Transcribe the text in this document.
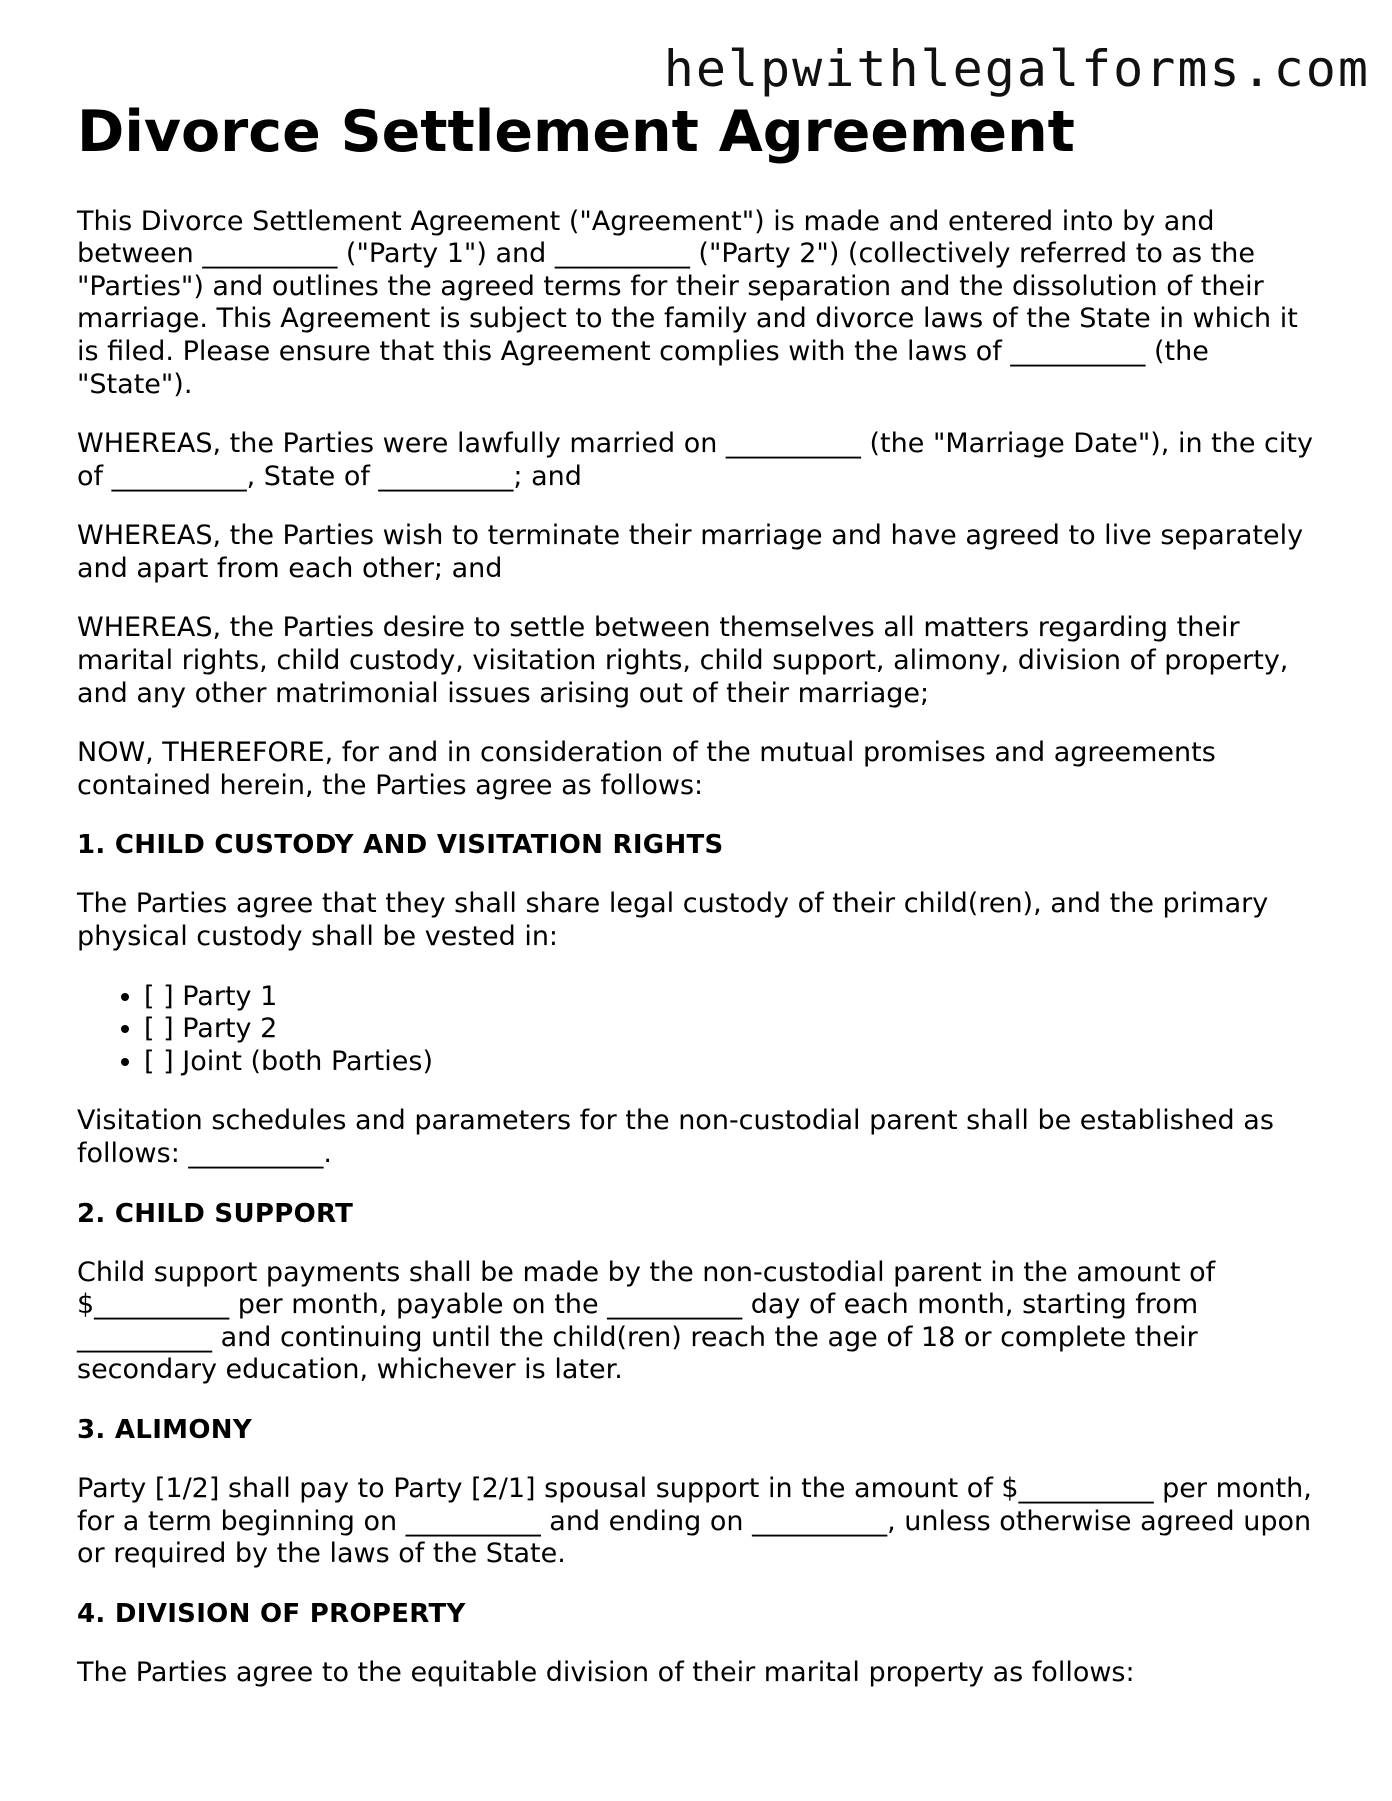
helpwithlegalforms.com
Divorce Settlement Agreement

This Divorce Settlement Agreement ("Agreement") is made and entered into by and between __________ ("Party 1") and __________ ("Party 2") (collectively referred to as the "Parties") and outlines the agreed terms for their separation and the dissolution of their marriage. This Agreement is subject to the family and divorce laws of the State in which it is filed. Please ensure that this Agreement complies with the laws of __________ (the "State").

WHEREAS, the Parties were lawfully married on __________ (the "Marriage Date"), in the city of __________, State of __________; and

WHEREAS, the Parties wish to terminate their marriage and have agreed to live separately and apart from each other; and

WHEREAS, the Parties desire to settle between themselves all matters regarding their marital rights, child custody, visitation rights, child support, alimony, division of property, and any other matrimonial issues arising out of their marriage;

NOW, THEREFORE, for and in consideration of the mutual promises and agreements contained herein, the Parties agree as follows:

1. CHILD CUSTODY AND VISITATION RIGHTS

The Parties agree that they shall share legal custody of their child(ren), and the primary physical custody shall be vested in:

• [ ] Party 1
• [ ] Party 2
• [ ] Joint (both Parties)

Visitation schedules and parameters for the non-custodial parent shall be established as follows: __________.

2. CHILD SUPPORT

Child support payments shall be made by the non-custodial parent in the amount of $__________ per month, payable on the __________ day of each month, starting from __________ and continuing until the child(ren) reach the age of 18 or complete their secondary education, whichever is later.

3. ALIMONY

Party [1/2] shall pay to Party [2/1] spousal support in the amount of $__________ per month, for a term beginning on __________ and ending on __________, unless otherwise agreed upon or required by the laws of the State.

4. DIVISION OF PROPERTY

The Parties agree to the equitable division of their marital property as follows:
